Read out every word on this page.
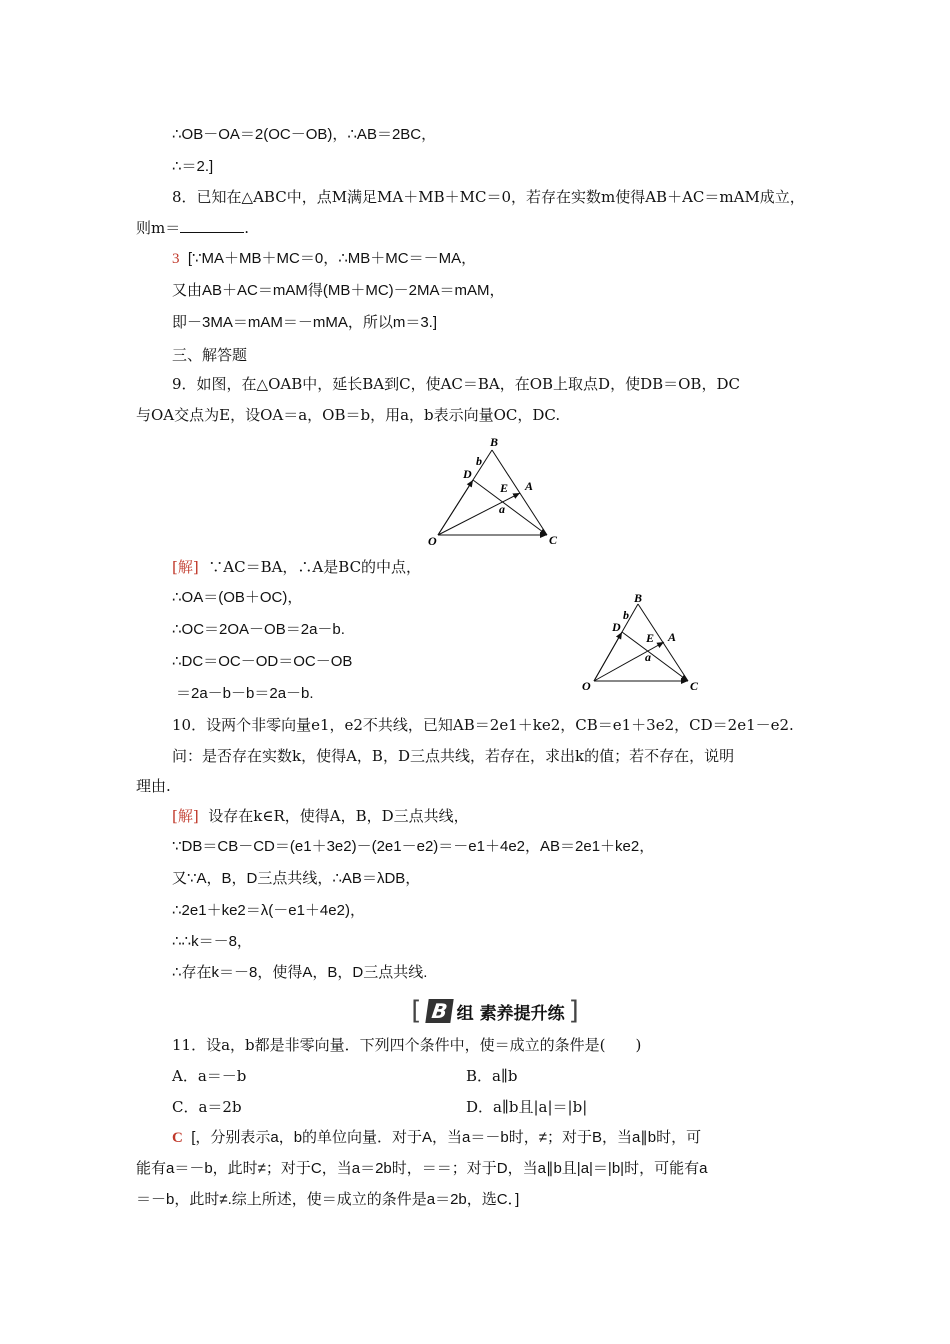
∴OB－OA＝2(OC－OB)，∴AB＝2BC，
∴＝2.]
8．已知在△ABC中，点M满足MA＋MB＋MC＝0，若存在实数m使得AB＋AC＝mAM成立，
则m＝	.
3 [∵MA＋MB＋MC＝0，∴MB＋MC＝－MA，
又由AB＋AC＝mAM得(MB＋MC)－2MA＝mAM，
即－3MA＝mAM＝－mMA，所以m＝3.]
三、解答题
9．如图，在△OAB中，延长BA到C，使AC＝BA，在OB上取点D，使DB＝OB，DC
与OA交点为E，设OA＝a，OB＝b，用a，b表示向量OC，DC.
B
D
b
E A
a
O	C
[解] ∵AC＝BA，∴A是BC的中点，
∴OA＝(OB＋OC)，
∴OC＝2OA－OB＝2a－b.
∴DC＝OC－OD＝OC－OB
＝2a－b－b＝2a－b.
B
D
b
E A
a
O	C
10．设两个非零向量e1，e2不共线，已知AB＝2e1＋ke2，CB＝e1＋3e2，CD＝2e1－e2.
问：是否存在实数k，使得A，B，D三点共线，若存在，求出k的值；若不存在，说明
理由.
[解] 设存在k∈R，使得A，B，D三点共线，
∵DB＝CB－CD＝(e1＋3e2)－(2e1－e2)＝－e1＋4e2，AB＝2e1＋ke2，
又∵A，B，D三点共线，∴AB＝λDB，
∴2e1＋ke2＝λ(－e1＋4e2)，
∴∴k＝－8，
∴存在k＝－8，使得A，B，D三点共线.
[ B 组 素养提升练 ]
11．设a，b都是非零向量．下列四个条件中，使＝成立的条件是(　　)
A．a＝－b	B．a∥b
C．a＝2b	D．a∥b且|a|＝|b|
C [，分别表示a，b的单位向量．对于A，当a＝－b时，≠；对于B，当a∥b时，可
能有a＝－b，此时≠；对于C，当a＝2b时，＝＝；对于D，当a∥b且|a|＝|b|时，可能有a
＝－b，此时≠.综上所述，使＝成立的条件是a＝2b，选C．]
